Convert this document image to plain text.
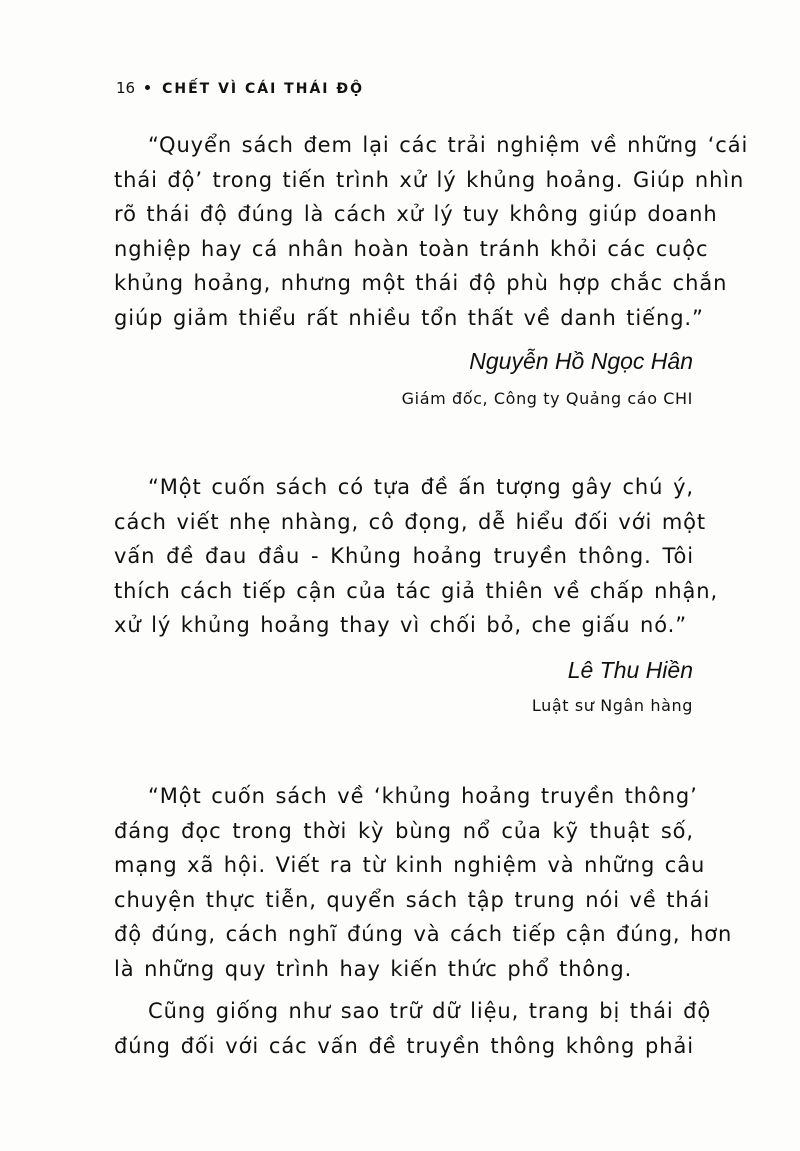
16 CHẾT VÌ CÁI THÁI ĐỘ
“Quyển sách đem lại các trải nghiệm về những ‘cái
thái độ’ trong tiến trình xử lý khủng hoảng. Giúp nhìn
rõ thái độ đúng là cách xử lý tuy không giúp doanh
nghiệp hay cá nhân hoàn toàn tránh khỏi các cuộc
khủng hoảng, nhưng một thái độ phù hợp chắc chắn
giúp giảm thiểu rất nhiều tổn thất về danh tiếng.”
Nguyễn Hồ Ngọc Hân
Giám đốc, Công ty Quảng cáo CHI
“Một cuốn sách có tựa đề ấn tượng gây chú ý,
cách viết nhẹ nhàng, cô đọng, dễ hiểu đối với một
vấn đề đau đầu - Khủng hoảng truyền thông. Tôi
thích cách tiếp cận của tác giả thiên về chấp nhận,
xử lý khủng hoảng thay vì chối bỏ, che giấu nó.”
Lê Thu Hiền
Luật sư Ngân hàng
“Một cuốn sách về ‘khủng hoảng truyền thông’
đáng đọc trong thời kỳ bùng nổ của kỹ thuật số,
mạng xã hội. Viết ra từ kinh nghiệm và những câu
chuyện thực tiễn, quyển sách tập trung nói về thái
độ đúng, cách nghĩ đúng và cách tiếp cận đúng, hơn
là những quy trình hay kiến thức phổ thông.
Cũng giống như sao trữ dữ liệu, trang bị thái độ
đúng đối với các vấn đề truyền thông không phải
